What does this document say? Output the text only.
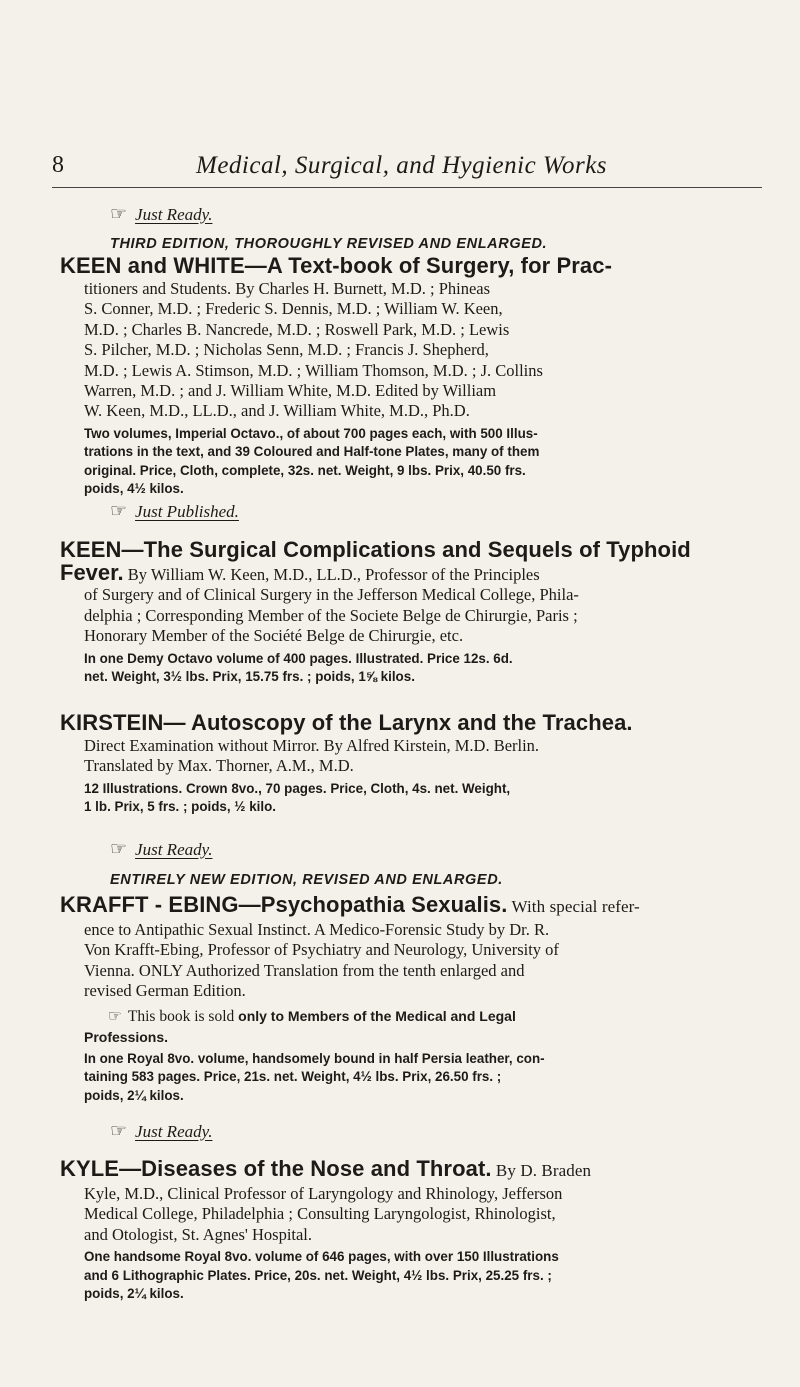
8	Medical, Surgical, and Hygienic Works
☞ Just Ready.
THIRD EDITION, THOROUGHLY REVISED AND ENLARGED.
KEEN and WHITE—A Text-book of Surgery, for Prac-
titioners and Students. By Charles H. Burnett, M.D. ; Phineas
S. Conner, M.D. ; Frederic S. Dennis, M.D. ; William W. Keen,
M.D. ; Charles B. Nancrede, M.D. ; Roswell Park, M.D. ; Lewis
S. Pilcher, M.D. ; Nicholas Senn, M.D. ; Francis J. Shepherd,
M.D. ; Lewis A. Stimson, M.D. ; William Thomson, M.D. ; J. Collins
Warren, M.D. ; and J. William White, M.D. Edited by William
W. Keen, M.D., LL.D., and J. William White, M.D., Ph.D.
Two volumes, Imperial Octavo., of about 700 pages each, with 500 Illus-
trations in the text, and 39 Coloured and Half-tone Plates, many of them
original. Price, Cloth, complete, 32s. net. Weight, 9 lbs. Prix, 40.50 frs.
poids, 4½ kilos.
☞ Just Published.
KEEN—The Surgical Complications and Sequels of Typhoid
Fever. By William W. Keen, M.D., LL.D., Professor of the Principles
of Surgery and of Clinical Surgery in the Jefferson Medical College, Phila-
delphia ; Corresponding Member of the Societe Belge de Chirurgie, Paris ;
Honorary Member of the Société Belge de Chirurgie, etc.
In one Demy Octavo volume of 400 pages. Illustrated. Price 12s. 6d.
net. Weight, 3½ lbs. Prix, 15.75 frs. ; poids, 1⅝ kilos.
KIRSTEIN— Autoscopy of the Larynx and the Trachea.
Direct Examination without Mirror. By Alfred Kirstein, M.D. Berlin.
Translated by Max. Thorner, A.M., M.D.
12 Illustrations. Crown 8vo., 70 pages. Price, Cloth, 4s. net. Weight,
1 lb. Prix, 5 frs. ; poids, ½ kilo.
☞ Just Ready.
ENTIRELY NEW EDITION, REVISED AND ENLARGED.
KRAFFT - EBING—Psychopathia Sexualis. With special refer-
ence to Antipathic Sexual Instinct. A Medico-Forensic Study by Dr. R.
Von Krafft-Ebing, Professor of Psychiatry and Neurology, University of
Vienna. ONLY Authorized Translation from the tenth enlarged and
revised German Edition.
☞ This book is sold only to Members of the Medical and Legal
Professions.
In one Royal 8vo. volume, handsomely bound in half Persia leather, con-
taining 583 pages. Price, 21s. net. Weight, 4½ lbs. Prix, 26.50 frs. ;
poids, 2¼ kilos.
☞ Just Ready.
KYLE—Diseases of the Nose and Throat. By D. Braden
Kyle, M.D., Clinical Professor of Laryngology and Rhinology, Jefferson
Medical College, Philadelphia ; Consulting Laryngologist, Rhinologist,
and Otologist, St. Agnes' Hospital.
One handsome Royal 8vo. volume of 646 pages, with over 150 Illustrations
and 6 Lithographic Plates. Price, 20s. net. Weight, 4½ lbs. Prix, 25.25 frs. ;
poids, 2¼ kilos.
